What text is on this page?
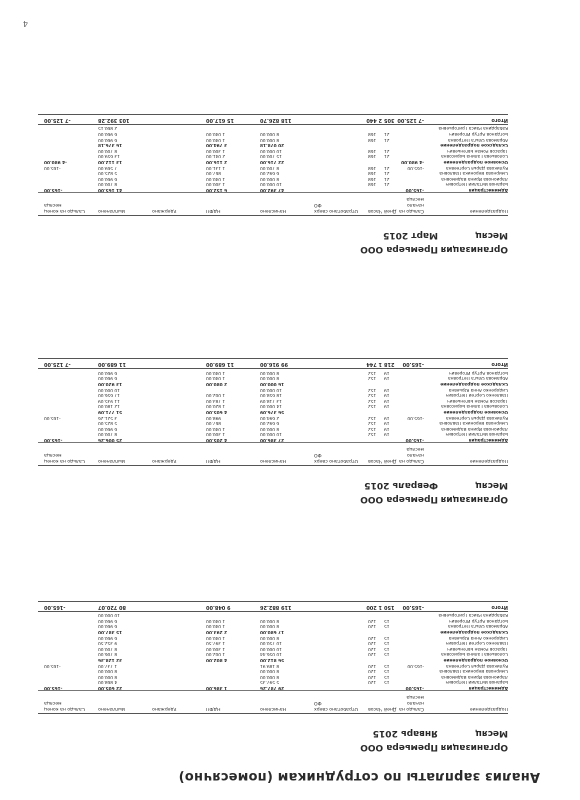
4
Анализ зарплаты по сотрудникам (помесячно)
Организация
Премьера ООО
Месяц
Январь 2015
Подразделение
Сальдо на начало месяца
Дней
Часов
Отработано сверх ФО
Начислено
НДФЛ
Удержано
Выплачено
Сальдо на конец месяца
Администрация
-165.00
29 787.26
1 386.00
22 605.00
-165.00
Баранов Виталий Петрович
15
120
5 597.35
4 868.00
Ларионова Ирина Вадимовна
15
120
8 000.00
8 000.00
Смирнова Вероника Павловна
15
120
8 000.00
8 000.00
Куликова Дарья Сергеевна
-165.00
15
120
8 189.91
1 737.00
-165.00
Основное подразделение
56 812.00
4 802.00
32 128.36
Соловьева Галина Борисовна
15
120
10 056.44
1 002.00
8 706.00
Тарасов Роман Евгеньевич
15
120
10 000.00
1 300.00
8 700.00
Павленко Сергей Петрович
15
120
10 750.00
1 397.50
9 352.50
Сидоренко Анна Юрьевна
15
120
8 000.00
1 040.00
6 960.00
Складское подразделение
17 680.00
2 293.00
15 387.00
Абрамова Ольга Петровна
15
120
8 000.00
1 040.00
6 960.00
Богданов Артур Игоревич
15
120
8 000.00
1 040.00
6 960.00
Кабардина Раиса Григорьевна
10 000.00
Итого
-165.00
150
1 200
119 882.26
9 048.00
80 720.07
-165.00
Организация
Премьера ООО
Месяц
Февраль 2015
Подразделение
Сальдо на начало месяца
Дней
Часов
Отработано сверх ФО
Начислено
НДФЛ
Удержано
Выплачено
Сальдо на конец месяца
Администрация
-165.00
27 386.00
4 205.00
25 006.26
-165.00
Баранов Виталий Петрович
19
152
10 000.00
1 300.00
8 700.00
Ларионова Ирина Вадимовна
19
152
8 000.00
1 040.00
6 960.00
Смирнова Вероника Павловна
19
152
6 692.00
867.00
5 825.00
Куликова Дарья Сергеевна
-165.00
19
152
2 694.00
998.00
3 521.26
-165.00
Основное подразделение
56 376.09
4 605.00
51 771.09
Соловьева Галина Борисовна
19
152
14 000.00
1 820.00
12 180.00
Тарасов Роман Евгеньевич
19
152
13 718.09
1 783.00
11 935.09
Павленко Сергей Петрович
19
152
18 658.00
1 002.00
17 656.00
Сидоренко Анна Юрьевна
19
152
10 000.00
10 000.00
Складское подразделение
16 000.00
2 080.00
13 920.00
Абрамова Ольга Петровна
19
152
8 000.00
1 040.00
6 960.00
Богданов Артур Игоревич
19
152
8 000.00
1 040.00
6 960.00
Итого
-165.00
218
1 744
99 916.00
11 689.00
11 689.00
-7 125.00
Организация
Премьера ООО
Месяц
Март 2015
Подразделение
Сальдо на начало месяца
Дней
Часов
Отработано сверх ФО
Начислено
НДФЛ
Удержано
Выплачено
Сальдо на конец месяца
Администрация
-165.00
47 392.00
6 152.00
41 165.00
-165.00
Баранов Виталий Петрович
21
168
10 000.00
1 300.00
8 700.00
Ларионова Ирина Вадимовна
21
168
8 000.00
1 040.00
6 960.00
Смирнова Вероника Павловна
21
168
6 692.00
867.00
5 825.00
Куликова Дарья Сергеевна
-165.00
21
168
8 700.00
1 131.00
7 569.00
-165.00
Основное подразделение
-4 980.00
22 716.00
2 116.00
13 112.00
-4 980.00
Соловьева Галина Борисовна
21
168
15 700.00
2 041.00
13 659.00
Тарасов Роман Евгеньевич
21
168
10 000.00
1 300.00
8 700.00
Складское подразделение
20 078.18
3 794.00
16 376.18
Абрамова Ольга Петровна
21
168
8 000.00
1 040.00
6 960.00
Богданов Артур Игоревич
21
168
8 000.00
1 040.00
6 960.00
Кабардина Раиса Григорьевна
2 860.15
Итого
-7 125.00
305
2 440
118 826.70
15 617.00
103 392.28
-7 125.00
